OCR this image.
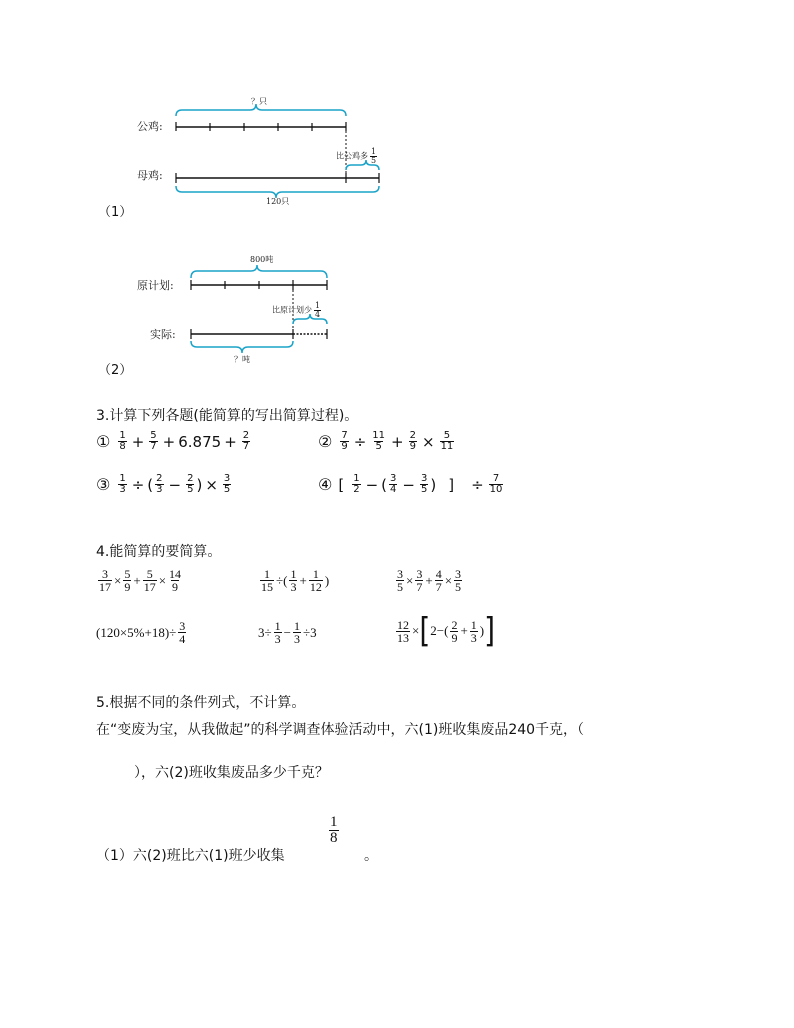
公鸡:
母鸡:
？只
比公鸡多 $\frac{1}{5}$
120只
（1）
原计划:
实际:
800吨
比原计划少 $\frac{1}{4}$
？吨
（2）
3.计算下列各题(能简算的写出简算过程)。
① $\frac{1}{8} + \frac{5}{7} + 6.875 + \frac{2}{7}$	② $\frac{7}{9} \div \frac{11}{5} + \frac{2}{9} \times \frac{5}{11}$
③ $\frac{1}{3}$ ÷ ( $\frac{2}{3} - \frac{2}{5}$ ) × $\frac{3}{5}$	④ [ $\frac{1}{2}$ − ( $\frac{3}{4} - \frac{3}{5}$ ) ] ÷ $\frac{7}{10}$
4.能简算的要简算。
$\frac{3}{17} \times \frac{5}{9} + \frac{5}{17} \times \frac{14}{9}$	$\frac{1}{15}$ ÷( $\frac{1}{3} + \frac{1}{12}$ )	$\frac{3}{5} \times \frac{3}{7} + \frac{4}{7} \times \frac{3}{5}$
$(120\times 5\%+18)\div \frac{3}{4}$	$3\div \frac{1}{3} - \frac{1}{3} \div 3$	$\frac{12}{13}$ × [ 2 −( $\frac{2}{9} + \frac{1}{3}$ ) ]
5.根据不同的条件列式，不计算。
在“变废为宝，从我做起”的科学调查体验活动中，六(1)班收集废品240千克，（
），六(2)班收集废品多少千克？
（1）六(2)班比六(1)班少收集
$\frac{1}{8}$
。
